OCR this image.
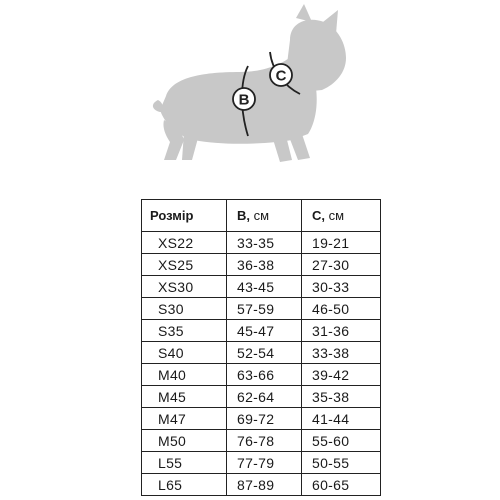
B
C
Розмір	B, см	C, см
XS22	33-35	19-21
XS25	36-38	27-30
XS30	43-45	30-33
S30	57-59	46-50
S35	45-47	31-36
S40	52-54	33-38
M40	63-66	39-42
M45	62-64	35-38
M47	69-72	41-44
M50	76-78	55-60
L55	77-79	50-55
L65	87-89	60-65
